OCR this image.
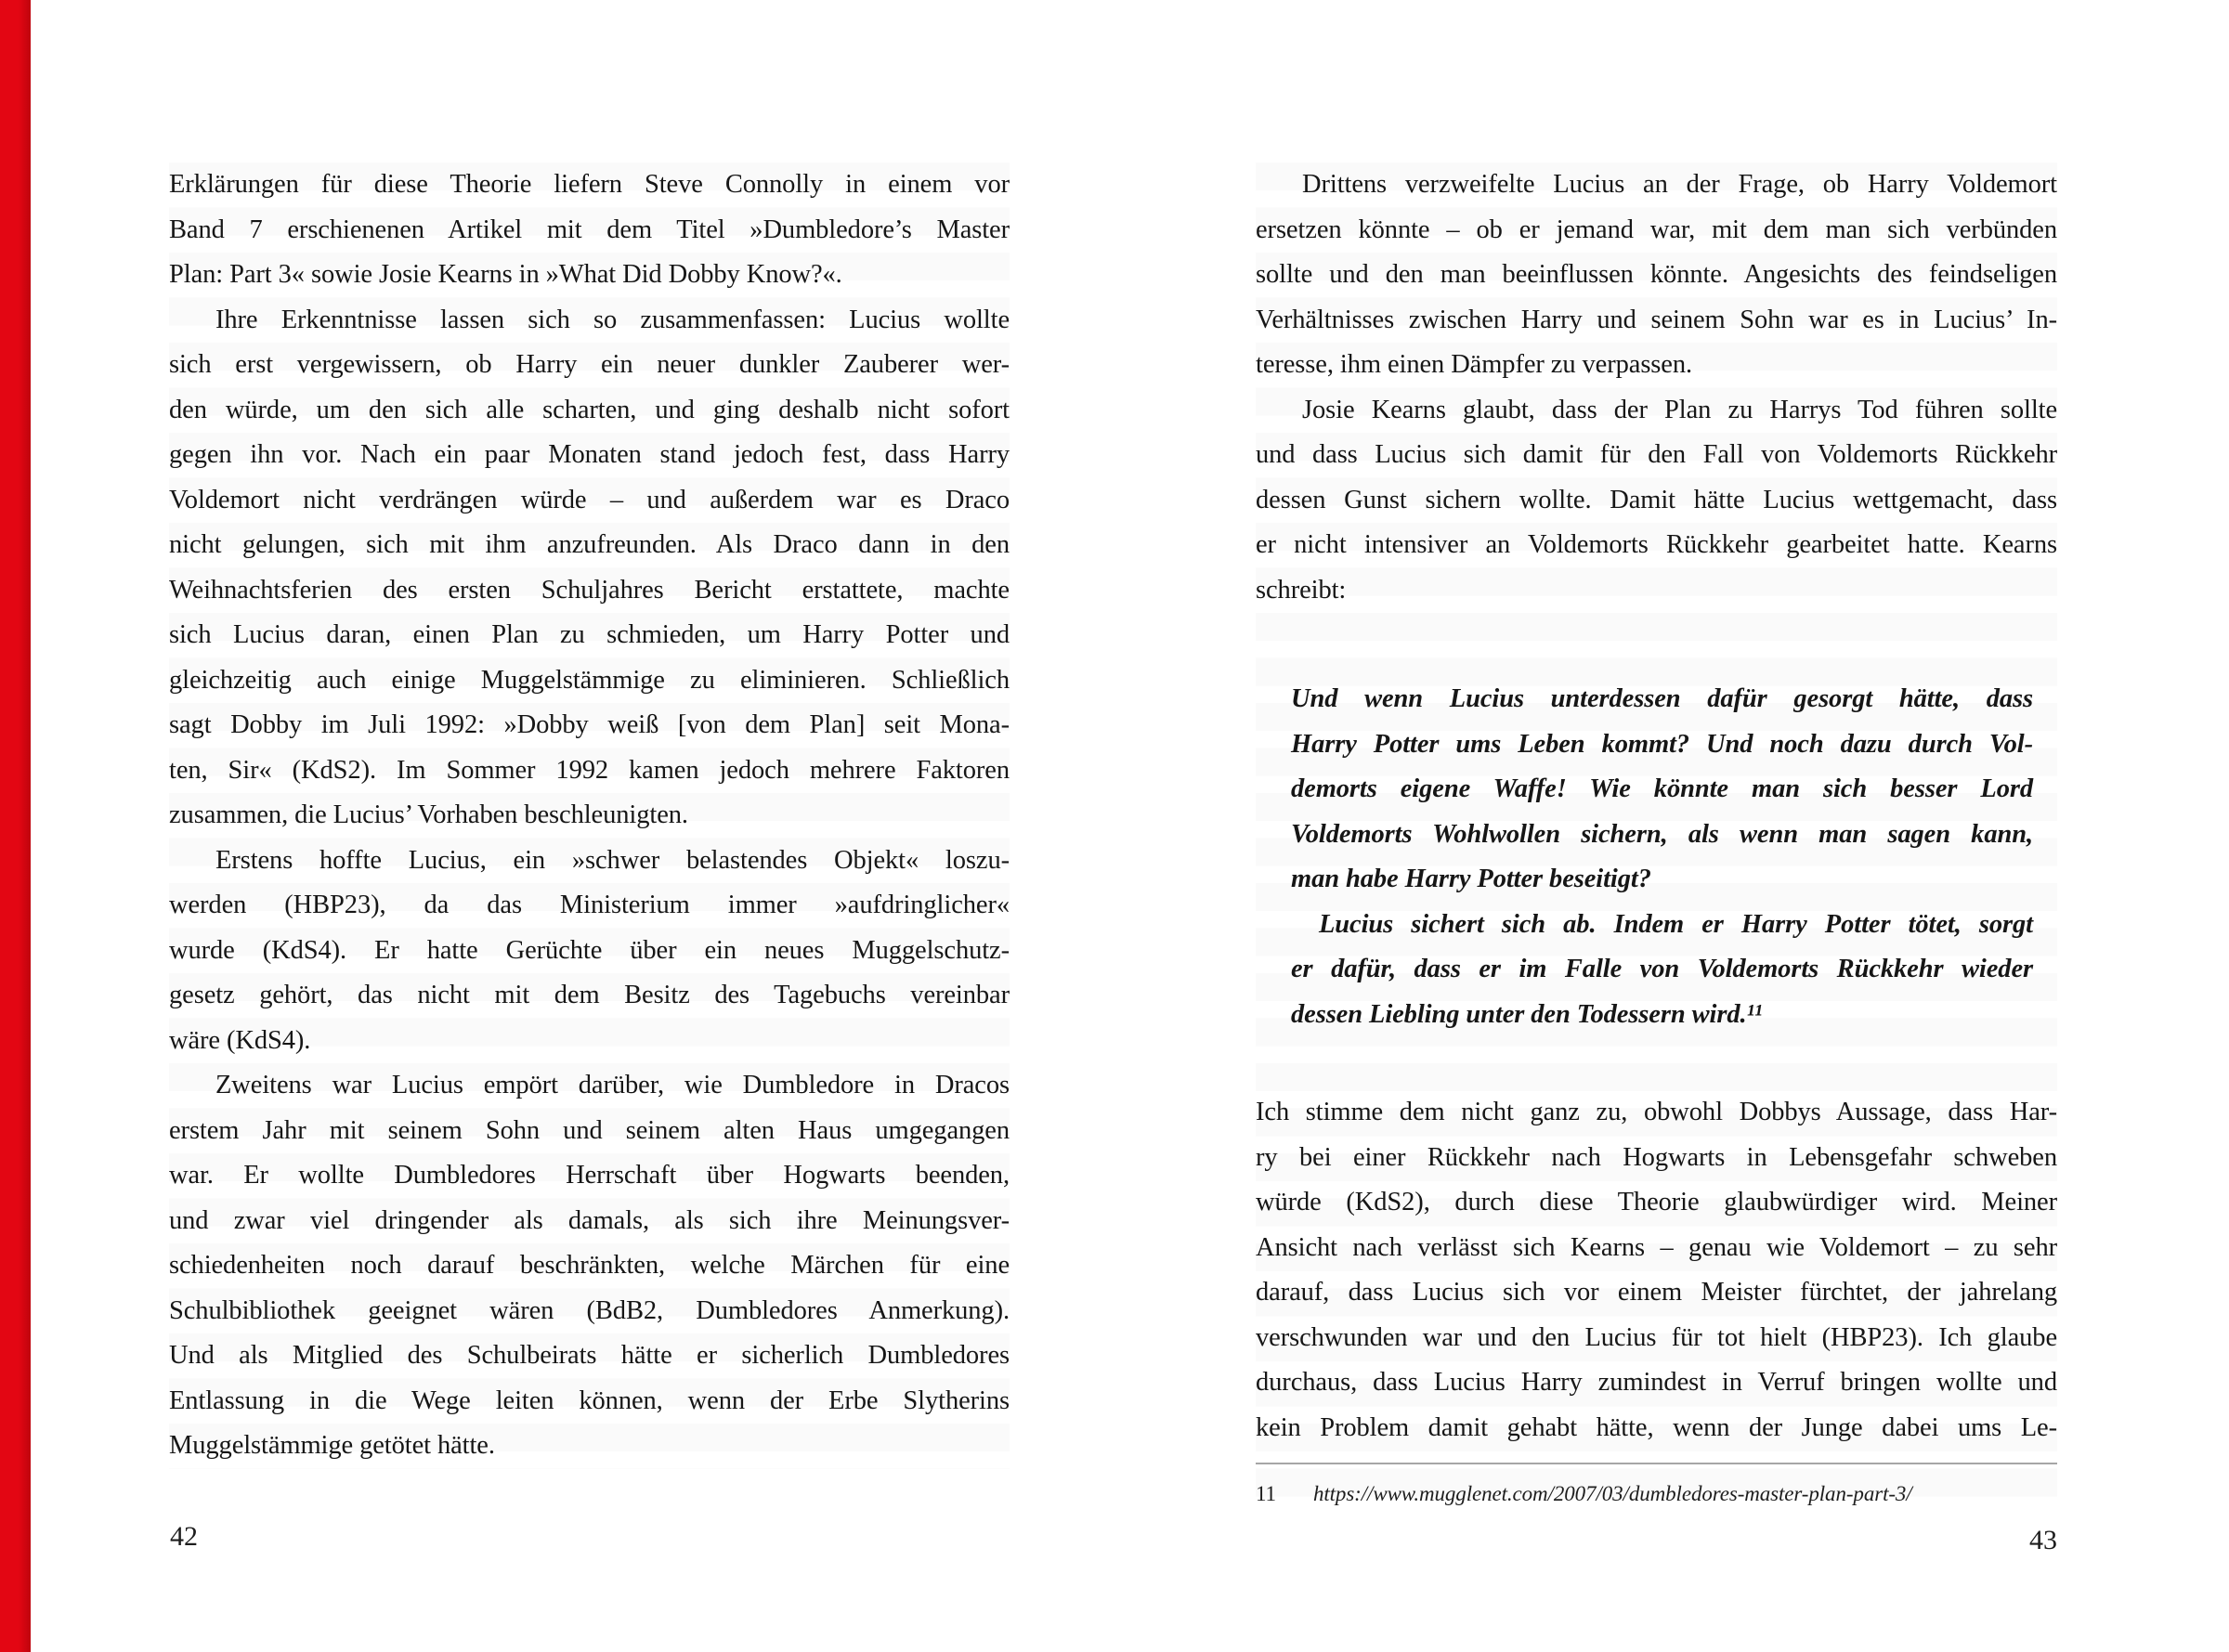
Erklärungen für diese Theorie liefern Steve Connolly in einem vor
Band 7 erschienenen Artikel mit dem Titel »Dumbledore’s Master
Plan: Part 3« sowie Josie Kearns in »What Did Dobby Know?«.
Ihre Erkenntnisse lassen sich so zusammenfassen: Lucius wollte
sich erst vergewissern, ob Harry ein neuer dunkler Zauberer wer-
den würde, um den sich alle scharten, und ging deshalb nicht sofort
gegen ihn vor. Nach ein paar Monaten stand jedoch fest, dass Harry
Voldemort nicht verdrängen würde – und außerdem war es Draco
nicht gelungen, sich mit ihm anzufreunden. Als Draco dann in den
Weihnachtsferien des ersten Schuljahres Bericht erstattete, machte
sich Lucius daran, einen Plan zu schmieden, um Harry Potter und
gleichzeitig auch einige Muggelstämmige zu eliminieren. Schließlich
sagt Dobby im Juli 1992: »Dobby weiß [von dem Plan] seit Mona-
ten, Sir« (KdS2). Im Sommer 1992 kamen jedoch mehrere Faktoren
zusammen, die Lucius’ Vorhaben beschleunigten.
Erstens hoffte Lucius, ein »schwer belastendes Objekt« loszu-
werden (HBP23), da das Ministerium immer »aufdringlicher«
wurde (KdS4). Er hatte Gerüchte über ein neues Muggelschutz-
gesetz gehört, das nicht mit dem Besitz des Tagebuchs vereinbar
wäre (KdS4).
Zweitens war Lucius empört darüber, wie Dumbledore in Dracos
erstem Jahr mit seinem Sohn und seinem alten Haus umgegangen
war. Er wollte Dumbledores Herrschaft über Hogwarts beenden,
und zwar viel dringender als damals, als sich ihre Meinungsver-
schiedenheiten noch darauf beschränkten, welche Märchen für eine
Schulbibliothek geeignet wären (BdB2, Dumbledores Anmerkung).
Und als Mitglied des Schulbeirats hätte er sicherlich Dumbledores
Entlassung in die Wege leiten können, wenn der Erbe Slytherins
Muggelstämmige getötet hätte.
42
Drittens verzweifelte Lucius an der Frage, ob Harry Voldemort
ersetzen könnte – ob er jemand war, mit dem man sich verbünden
sollte und den man beeinflussen könnte. Angesichts des feindseligen
Verhältnisses zwischen Harry und seinem Sohn war es in Lucius’ In-
teresse, ihm einen Dämpfer zu verpassen.
Josie Kearns glaubt, dass der Plan zu Harrys Tod führen sollte
und dass Lucius sich damit für den Fall von Voldemorts Rückkehr
dessen Gunst sichern wollte. Damit hätte Lucius wettgemacht, dass
er nicht intensiver an Voldemorts Rückkehr gearbeitet hatte. Kearns
schreibt:
Und wenn Lucius unterdessen dafür gesorgt hätte, dass
Harry Potter ums Leben kommt? Und noch dazu durch Vol-
demorts eigene Waffe! Wie könnte man sich besser Lord
Voldemorts Wohlwollen sichern, als wenn man sagen kann,
man habe Harry Potter beseitigt?
Lucius sichert sich ab. Indem er Harry Potter tötet, sorgt
er dafür, dass er im Falle von Voldemorts Rückkehr wieder
dessen Liebling unter den Todessern wird.¹¹
Ich stimme dem nicht ganz zu, obwohl Dobbys Aussage, dass Har-
ry bei einer Rückkehr nach Hogwarts in Lebensgefahr schweben
würde (KdS2), durch diese Theorie glaubwürdiger wird. Meiner
Ansicht nach verlässt sich Kearns – genau wie Voldemort – zu sehr
darauf, dass Lucius sich vor einem Meister fürchtet, der jahrelang
verschwunden war und den Lucius für tot hielt (HBP23). Ich glaube
durchaus, dass Lucius Harry zumindest in Verruf bringen wollte und
kein Problem damit gehabt hätte, wenn der Junge dabei ums Le-
11 https://www.mugglenet.com/2007/03/dumbledores-master-plan-part-3/
43
